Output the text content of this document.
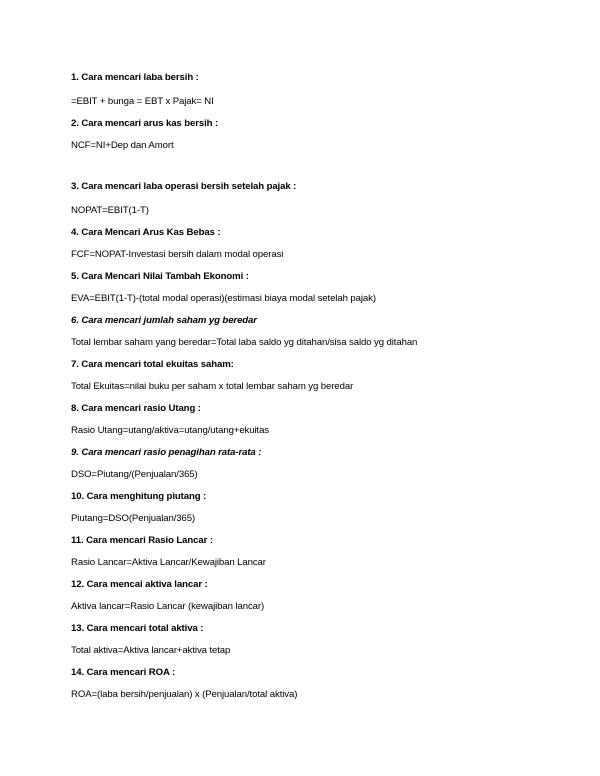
1. Cara mencari laba bersih :
=EBIT + bunga = EBT x Pajak= NI
2. Cara mencari arus kas bersih :
NCF=NI+Dep dan Amort
3. Cara mencari laba operasi bersih setelah pajak :
NOPAT=EBIT(1-T)
4. Cara Mencari Arus Kas Bebas :
FCF=NOPAT-Investasi bersih dalam modal operasi
5. Cara Mencari Nilai Tambah Ekonomi :
EVA=EBIT(1-T)-(total modal operasi)(estimasi biaya modal setelah pajak)
6. Cara mencari jumlah saham yg beredar
Total lembar saham yang beredar=Total laba saldo yg ditahan/sisa saldo yg ditahan
7. Cara mencari total ekuitas saham:
Total Ekuitas=nilai buku per saham x total lembar saham yg beredar
8. Cara mencari rasio Utang :
Rasio Utang=utang/aktiva=utang/utang+ekuitas
9. Cara mencari rasio penagihan rata-rata :
DSO=Piutang/(Penjualan/365)
10. Cara menghitung piutang :
Piutang=DSO(Penjualan/365)
11. Cara mencari Rasio Lancar :
Rasio Lancar=Aktiva Lancar/Kewajiban Lancar
12. Cara mencai aktiva lancar :
Aktiva lancar=Rasio Lancar (kewajiban lancar)
13. Cara mencari total aktiva :
Total aktiva=Aktiva lancar+aktiva tetap
14. Cara mencari ROA :
ROA=(laba bersih/penjualan) x (Penjualan/total aktiva)
